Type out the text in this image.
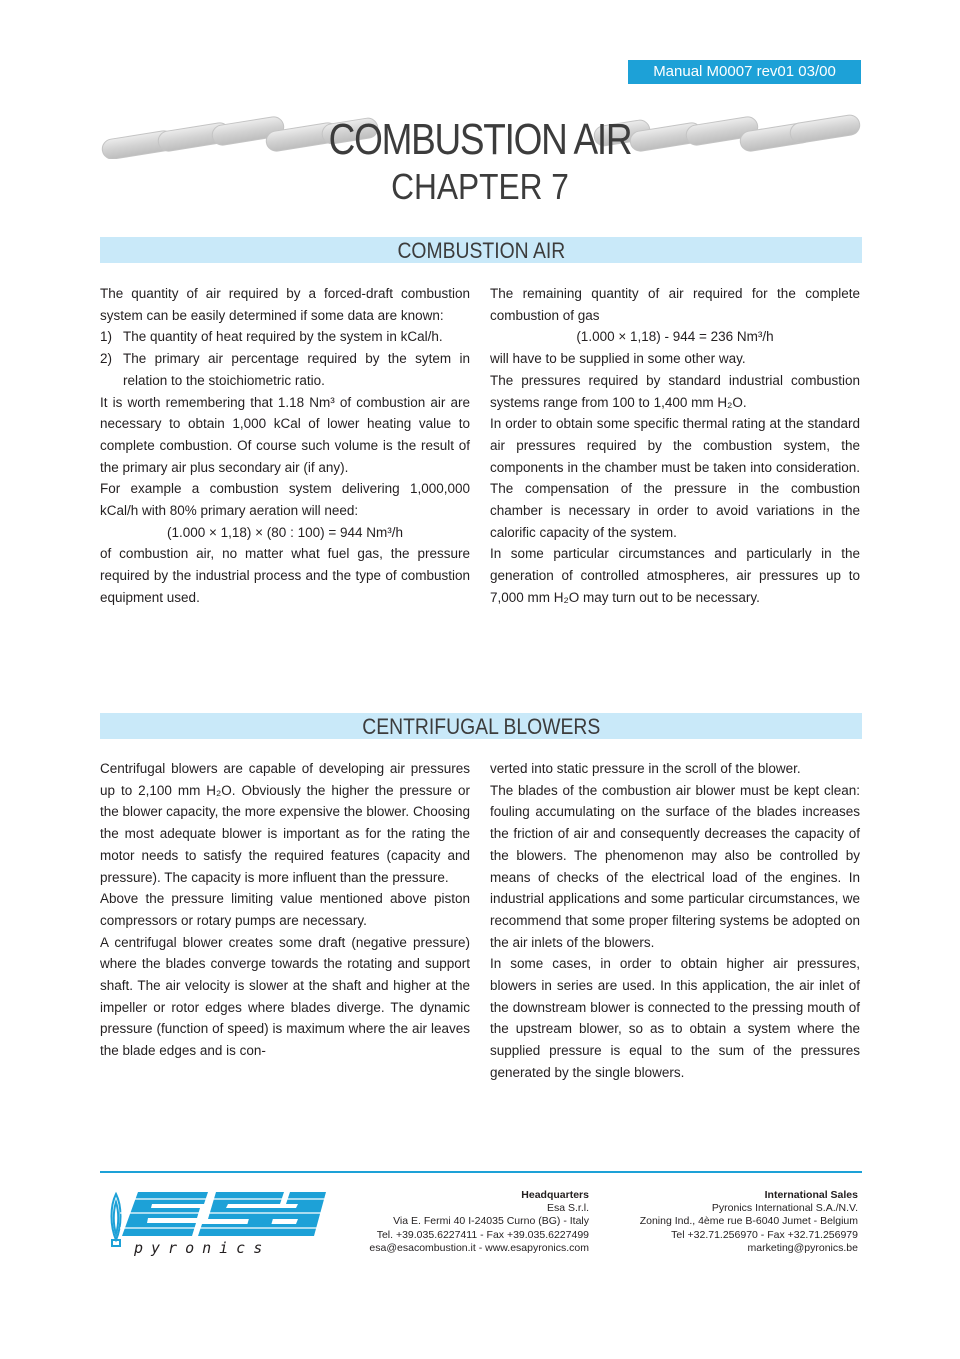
Manual M0007 rev01 03/00
COMBUSTION AIR
CHAPTER 7
COMBUSTION AIR

The quantity of air required by a forced-draft combustion system can be easily determined if some data are known:

1) The quantity of heat required by the system in kCal/h.
2) The primary air percentage required by the sytem in relation to the stoichiometric ratio.

It is worth remembering that 1.18 Nm³ of combustion air are necessary to obtain 1,000 kCal of lower heating value to complete combustion. Of course such volume is the result of the primary air plus secondary air (if any).

For example a combustion system delivering 1,000,000 kCal/h with 80% primary aeration will need:

(1.000 × 1,18) × (80 : 100) = 944 Nm³/h

of combustion air, no matter what fuel gas, the pressure required by the industrial process and the type of combustion equipment used.

The remaining quantity of air required for the complete combustion of gas

(1.000 × 1,18) - 944 = 236 Nm³/h

will have to be supplied in some other way.

The pressures required by standard industrial combustion systems range from 100 to 1,400 mm H₂O.

In order to obtain some specific thermal rating at the standard air pressures required by the combustion system, the components in the chamber must be taken into consideration. The compensation of the pressure in the combustion chamber is necessary in order to avoid variations in the calorific capacity of the system.

In some particular circumstances and particularly in the generation of controlled atmospheres, air pressures up to 7,000 mm H₂O may turn out to be necessary.

CENTRIFUGAL BLOWERS

Centrifugal blowers are capable of developing air pressures up to 2,100 mm H₂O. Obviously the higher the pressure or the blower capacity, the more expensive the blower. Choosing the most adequate blower is important as for the rating the motor needs to satisfy the required features (capacity and pressure). The capacity is more influent than the pressure.

Above the pressure limiting value mentioned above piston compressors or rotary pumps are necessary.

A centrifugal blower creates some draft (negative pressure) where the blades converge towards the rotating and support shaft. The air velocity is slower at the shaft and higher at the impeller or rotor edges where blades diverge. The dynamic pressure (function of speed) is maximum where the air leaves the blade edges and is con-

verted into static pressure in the scroll of the blower.

The blades of the combustion air blower must be kept clean: fouling accumulating on the surface of the blades increases the friction of air and consequently decreases the capacity of the blowers. The phenomenon may also be controlled by means of checks of the electrical load of the engines. In industrial applications and some particular circumstances, we recommend that some proper filtering systems be adopted on the air inlets of the blowers.

In some cases, in order to obtain higher air pressures, blowers in series are used. In this application, the air inlet of the downstream blower is connected to the pressing mouth of the upstream blower, so as to obtain a system where the supplied pressure is equal to the sum of the pressures generated by the single blowers.

pyronics
Headquarters
Esa S.r.l.
Via E. Fermi 40 I-24035 Curno (BG) - Italy
Tel. +39.035.6227411 - Fax +39.035.6227499
esa@esacombustion.it - www.esapyronics.com
International Sales
Pyronics International S.A./N.V.
Zoning Ind., 4ème rue B-6040 Jumet - Belgium
Tel +32.71.256970 - Fax +32.71.256979
marketing@pyronics.be
